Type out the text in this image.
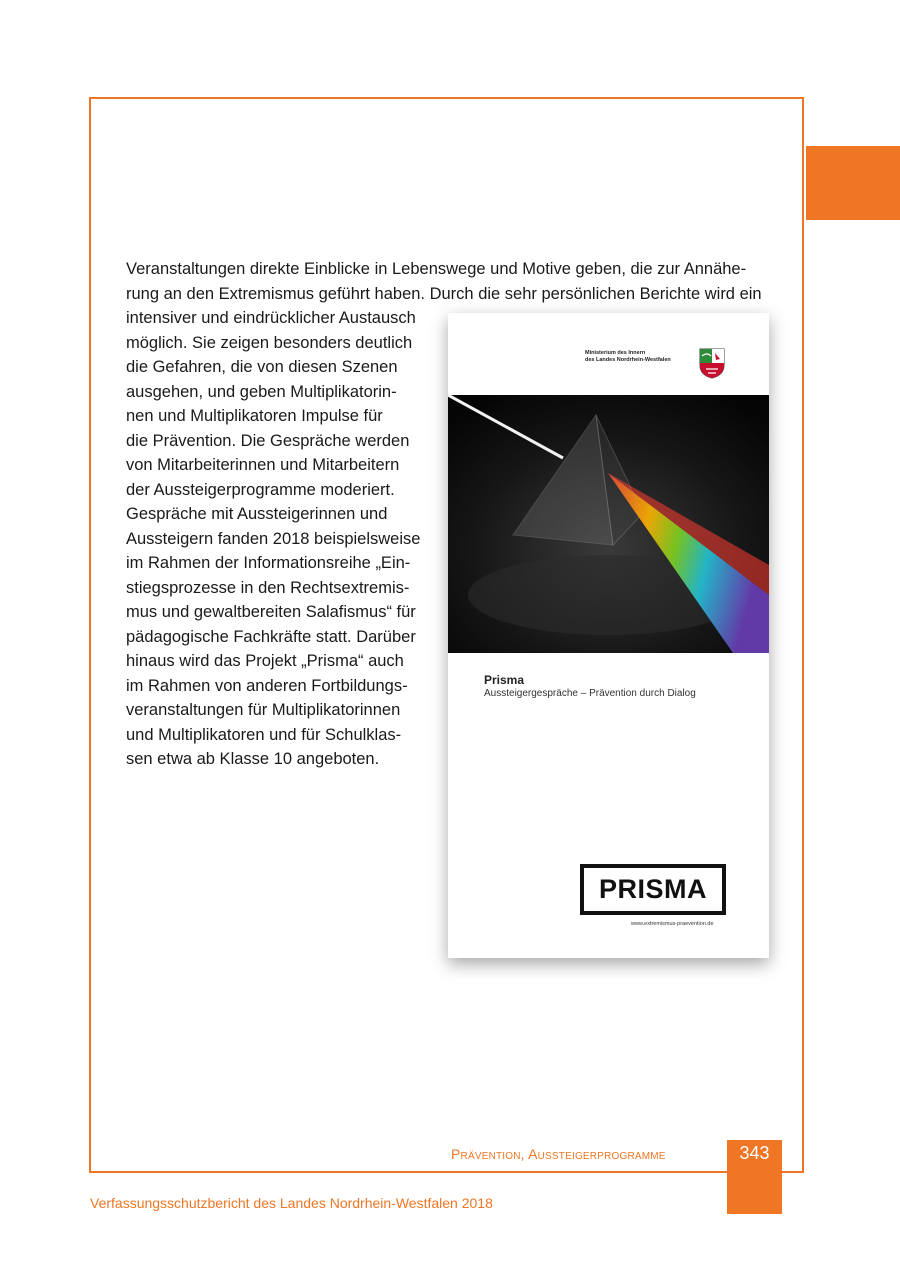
Veranstaltungen direkte Einblicke in Lebenswege und Motive geben, die zur Annähe-

rung an den Extremismus geführt haben. Durch die sehr persönlichen Berichte wird ein

intensiver und eindrücklicher Austausch

möglich. Sie zeigen besonders deutlich

die Gefahren, die von diesen Szenen

ausgehen, und geben Multiplikatorin-

nen und Multiplikatoren Impulse für

die Prävention. Die Gespräche werden

von Mitarbeiterinnen und Mitarbeitern

der Aussteigerprogramme moderiert.

Gespräche mit Aussteigerinnen und

Aussteigern fanden 2018 beispielsweise

im Rahmen der Informationsreihe „Ein-

stiegsprozesse in den Rechtsextremis-

mus und gewaltbereiten Salafismus“ für

pädagogische Fachkräfte statt. Darüber

hinaus wird das Projekt „Prisma“ auch

im Rahmen von anderen Fortbildungs-

veranstaltungen für Multiplikatorinnen

und Multiplikatoren und für Schulklas-

sen etwa ab Klasse 10 angeboten.

Ministerium des Innern
des Landes Nordrhein-Westfalen
Prisma
Aussteigergespräche – Prävention durch Dialog
PRISMA
www.extremismus-praevention.de
Prävention, Aussteigerprogramme	343
Verfassungsschutzbericht des Landes Nordrhein-Westfalen 2018
